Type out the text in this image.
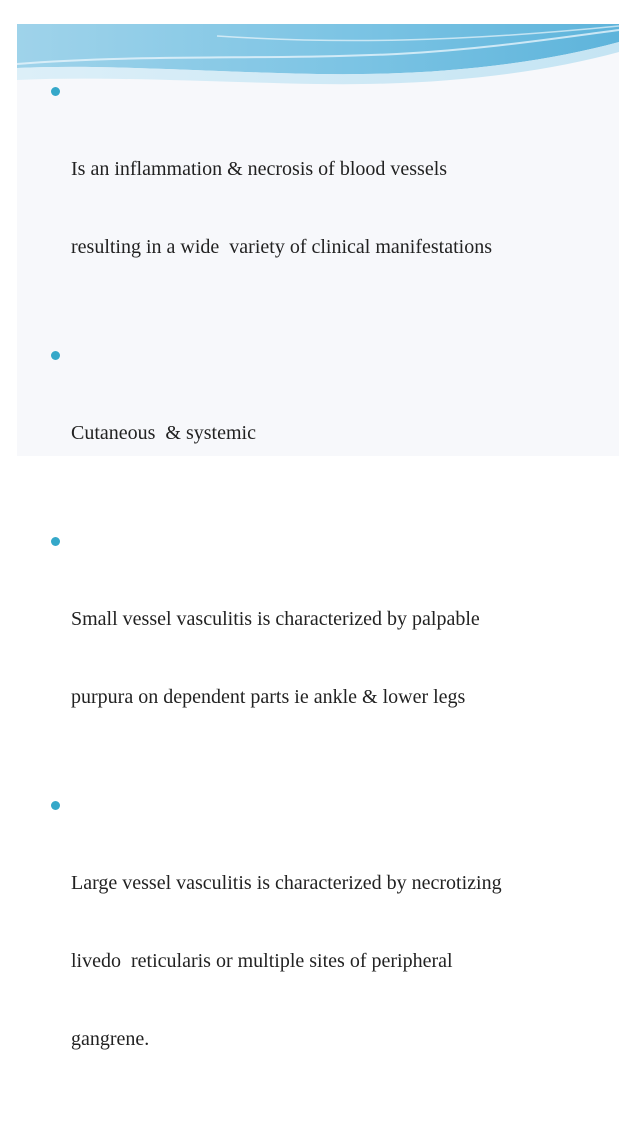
Is an inflammation & necrosis of blood vessels

resulting in a wide  variety of clinical manifestations

Cutaneous  & systemic

Small vessel vasculitis is characterized by palpable

purpura on dependent parts ie ankle & lower legs

Large vessel vasculitis is characterized by necrotizing

livedo  reticularis or multiple sites of peripheral

gangrene.
